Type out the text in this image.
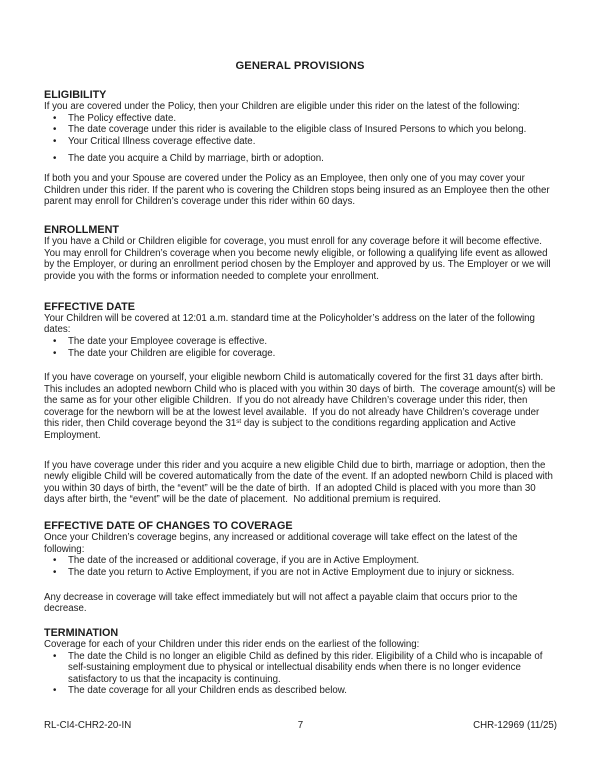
GENERAL PROVISIONS
ELIGIBILITY

If you are covered under the Policy, then your Children are eligible under this rider on the latest of the following:

• The Policy effective date.
• The date coverage under this rider is available to the eligible class of Insured Persons to which you belong.
• Your Critical Illness coverage effective date.
• The date you acquire a Child by marriage, birth or adoption.

If both you and your Spouse are covered under the Policy as an Employee, then only one of you may cover your Children under this rider. If the parent who is covering the Children stops being insured as an Employee then the other parent may enroll for Children’s coverage under this rider within 60 days.

ENROLLMENT

If you have a Child or Children eligible for coverage, you must enroll for any coverage before it will become effective. You may enroll for Children’s coverage when you become newly eligible, or following a qualifying life event as allowed by the Employer, or during an enrollment period chosen by the Employer and approved by us. The Employer or we will provide you with the forms or information needed to complete your enrollment.

EFFECTIVE DATE

Your Children will be covered at 12:01 a.m. standard time at the Policyholder’s address on the later of the following dates:

• The date your Employee coverage is effective.
• The date your Children are eligible for coverage.

If you have coverage on yourself, your eligible newborn Child is automatically covered for the first 31 days after birth. This includes an adopted newborn Child who is placed with you within 30 days of birth.  The coverage amount(s) will be the same as for your other eligible Children.  If you do not already have Children’s coverage under this rider, then coverage for the newborn will be at the lowest level available.  If you do not already have Children’s coverage under this rider, then Child coverage beyond the 31st day is subject to the conditions regarding application and Active Employment.

If you have coverage under this rider and you acquire a new eligible Child due to birth, marriage or adoption, then the newly eligible Child will be covered automatically from the date of the event. If an adopted newborn Child is placed with you within 30 days of birth, the “event” will be the date of birth.  If an adopted Child is placed with you more than 30 days after birth, the “event” will be the date of placement.  No additional premium is required.

EFFECTIVE DATE OF CHANGES TO COVERAGE

Once your Children’s coverage begins, any increased or additional coverage will take effect on the latest of the following:

• The date of the increased or additional coverage, if you are in Active Employment.
• The date you return to Active Employment, if you are not in Active Employment due to injury or sickness.

Any decrease in coverage will take effect immediately but will not affect a payable claim that occurs prior to the decrease.

TERMINATION

Coverage for each of your Children under this rider ends on the earliest of the following:

• The date the Child is no longer an eligible Child as defined by this rider. Eligibility of a Child who is incapable of self-sustaining employment due to physical or intellectual disability ends when there is no longer evidence satisfactory to us that the incapacity is continuing.
• The date coverage for all your Children ends as described below.
RL-CI4-CHR2-20-IN	7	CHR-12969 (11/25)
